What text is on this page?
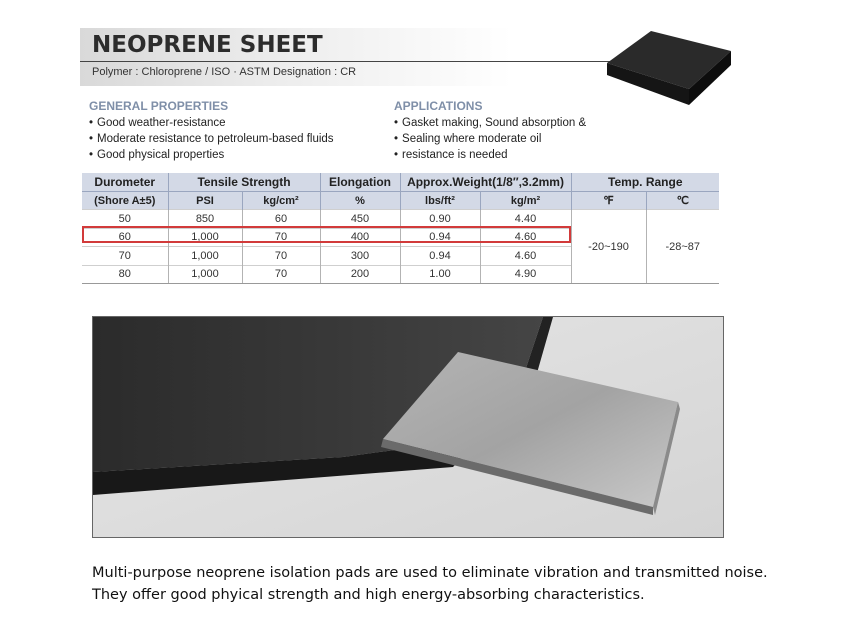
NEOPRENE SHEET
Polymer : Chloroprene / ISO · ASTM Designation : CR
GENERAL PROPERTIES
• Good weather-resistance
• Moderate resistance to petroleum-based fluids
• Good physical properties
APPLICATIONS
• Gasket making, Sound absorption &
• Sealing where moderate oil
• resistance is needed
Durometer	Tensile Strength		Elongation	Approx.Weight(1/8″,3.2mm)		Temp. Range	
(Shore A±5)	PSI	kg/cm²	%	lbs/ft²	kg/m²	℉	℃
50	850	60	450	0.90	4.40	-20~190	-28~87
60	1,000	70	400	0.94	4.60		
70	1,000	70	300	0.94	4.60		
80	1,000	70	200	1.00	4.90		
Multi-purpose neoprene isolation pads are used to eliminate vibration and transmitted noise.
They offer good phyical strength and high energy-absorbing characteristics.
